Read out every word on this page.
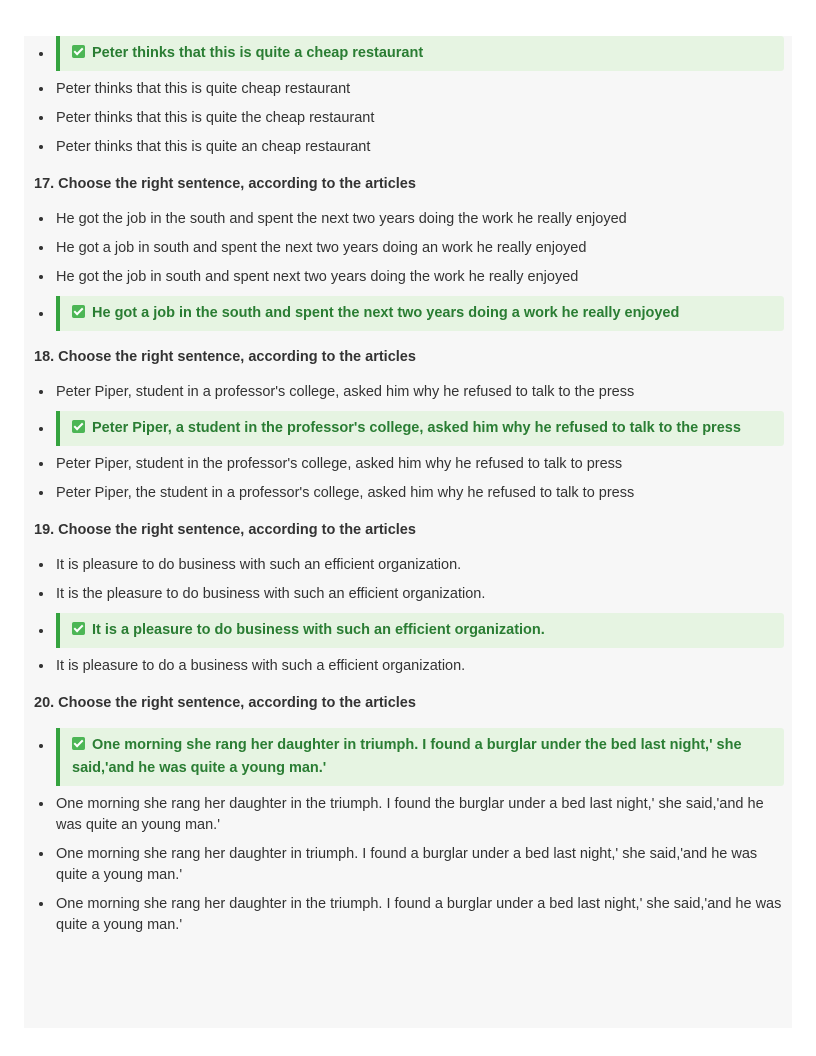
Peter thinks that this is quite a cheap restaurant
Peter thinks that this is quite cheap restaurant
Peter thinks that this is quite the cheap restaurant
Peter thinks that this is quite an cheap restaurant
17. Choose the right sentence, according to the articles
He got the job in the south and spent the next two years doing the work he really enjoyed
He got a job in south and spent the next two years doing an work he really enjoyed
He got the job in south and spent next two years doing the work he really enjoyed
He got a job in the south and spent the next two years doing a work he really enjoyed
18. Choose the right sentence, according to the articles
Peter Piper, student in a professor's college, asked him why he refused to talk to the press
Peter Piper, a student in the professor's college, asked him why he refused to talk to the press
Peter Piper, student in the professor's college, asked him why he refused to talk to press
Peter Piper, the student in a professor's college, asked him why he refused to talk to press
19. Choose the right sentence, according to the articles
It is pleasure to do business with such an efficient organization.
It is the pleasure to do business with such an efficient organization.
It is a pleasure to do business with such an efficient organization.
It is pleasure to do a business with such a efficient organization.
20. Choose the right sentence, according to the articles
One morning she rang her daughter in triumph. I found a burglar under the bed last night,' she said,'and he was quite a young man.'
One morning she rang her daughter in the triumph. I found the burglar under a bed last night,' she said,'and he was quite an young man.'
One morning she rang her daughter in triumph. I found a burglar under a bed last night,' she said,'and he was quite a young man.'
One morning she rang her daughter in the triumph. I found a burglar under a bed last night,' she said,'and he was quite a young man.'
